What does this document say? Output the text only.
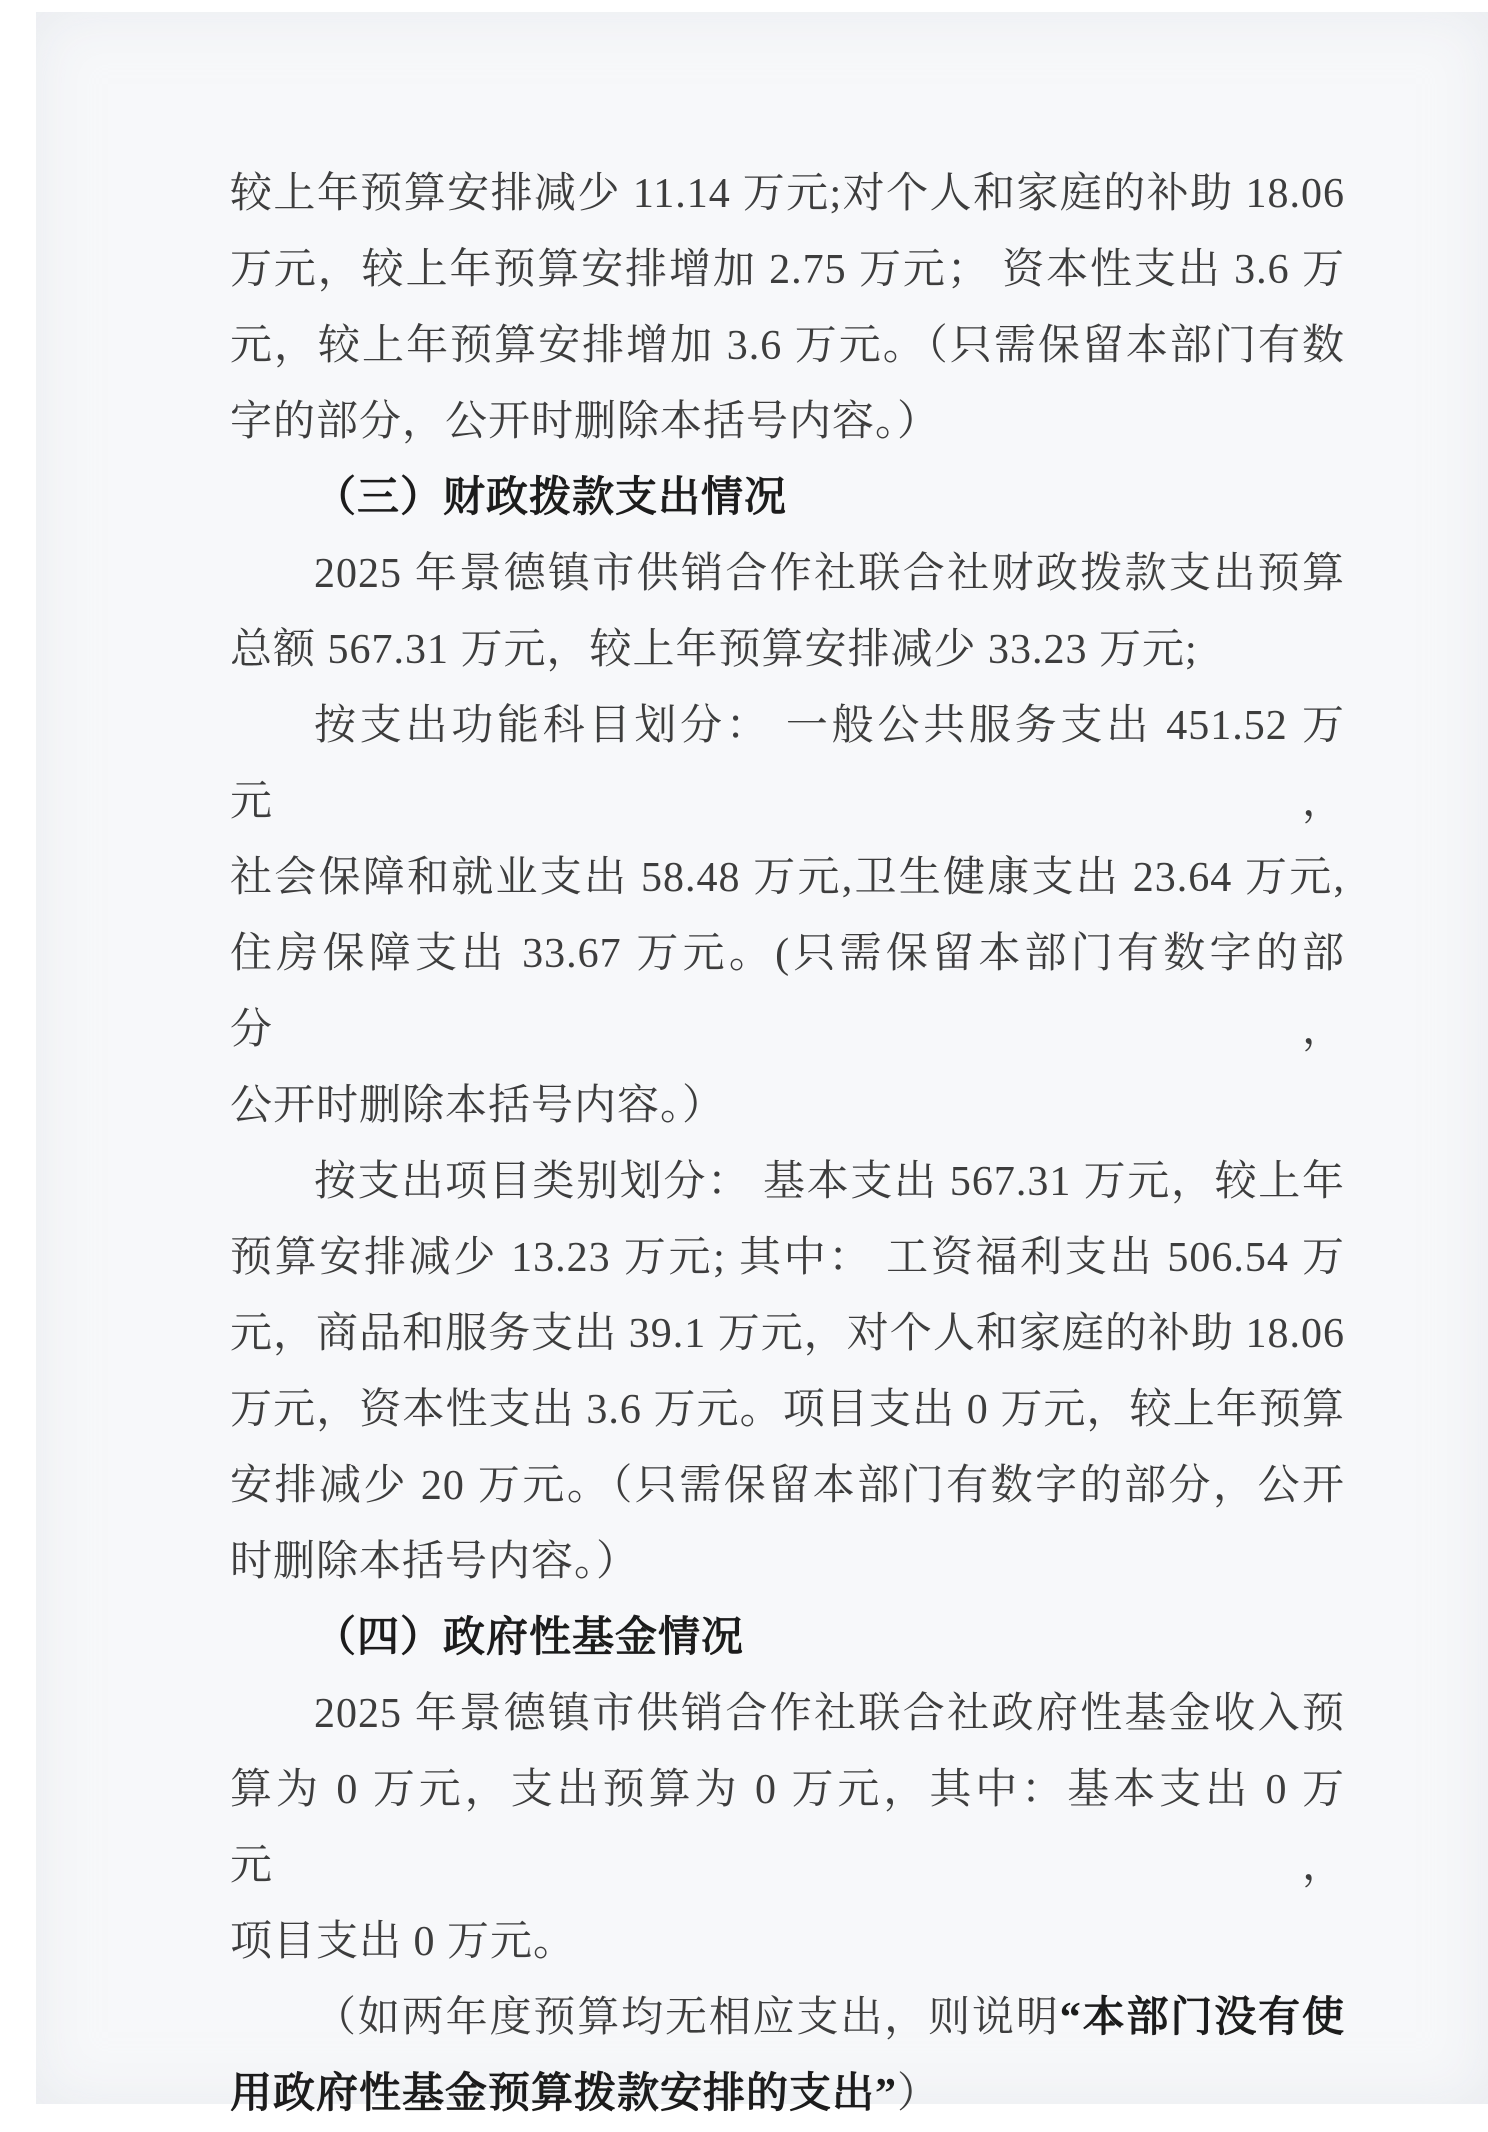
较上年预算安排减少 11.14 万元;对个人和家庭的补助 18.06
万元，较上年预算安排增加 2.75 万元； 资本性支出 3.6 万
元，较上年预算安排增加 3.6 万元。（只需保留本部门有数
字的部分，公开时删除本括号内容。）
（三）财政拨款支出情况
2025 年景德镇市供销合作社联合社财政拨款支出预算
总额 567.31 万元，较上年预算安排减少 33.23 万元;
按支出功能科目划分： 一般公共服务支出 451.52 万元，
社会保障和就业支出 58.48 万元,卫生健康支出 23.64 万元,
住房保障支出 33.67 万元。(只需保留本部门有数字的部分，
公开时删除本括号内容。）
按支出项目类别划分： 基本支出 567.31 万元，较上年
预算安排减少 13.23 万元; 其中： 工资福利支出 506.54 万
元，商品和服务支出 39.1 万元，对个人和家庭的补助 18.06
万元，资本性支出 3.6 万元。项目支出 0 万元，较上年预算
安排减少 20 万元。（只需保留本部门有数字的部分，公开
时删除本括号内容。）
（四）政府性基金情况
2025 年景德镇市供销合作社联合社政府性基金收入预
算为 0 万元，支出预算为 0 万元，其中：基本支出 0 万元，
项目支出 0 万元。
（如两年度预算均无相应支出，则说明“本部门没有使
用政府性基金预算拨款安排的支出”）
